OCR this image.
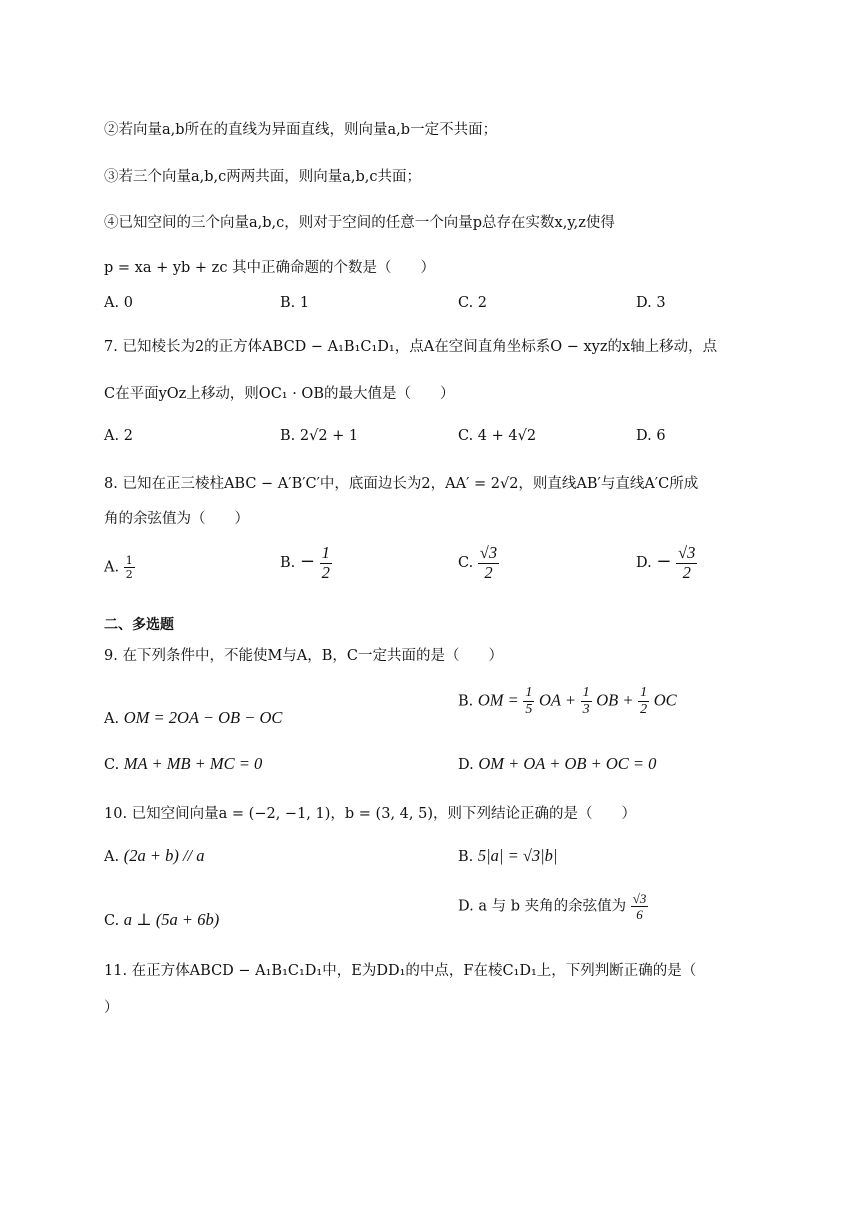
②若向量a,b所在的直线为异面直线，则向量a,b一定不共面；
③若三个向量a,b,c两两共面，则向量a,b,c共面；
④已知空间的三个向量a,b,c，则对于空间的任意一个向量p总存在实数x,y,z使得
p = xa + yb + zc 其中正确命题的个数是（　　）
A. 0	B. 1	C. 2	D. 3
7. 已知棱长为2的正方体ABCD − A₁B₁C₁D₁，点A在空间直角坐标系O − xyz的x轴上移动，点
C在平面yOz上移动，则OC₁ · OB的最大值是（　　）
A. 2	B. 2√2 + 1	C. 4 + 4√2	D. 6
8. 已知在正三棱柱ABC − A′B′C′中，底面边长为2，AA′ = 2√2，则直线AB′与直线A′C所成
角的余弦值为（　　）
A. $\frac{1}{2}$	B. − $\frac{1}{2}$	C. $\frac{√3}{2}$	D. − $\frac{√3}{2}$
二、多选题
9. 在下列条件中，不能使M与A，B，C一定共面的是（　　）
A. OM = 2OA − OB − OC
B. OM = $\frac{1}{5}$ OA + $\frac{1}{3}$ OB + $\frac{1}{2}$ OC
C. MA + MB + MC = 0	D. OM + OA + OB + OC = 0
10. 已知空间向量a = (−2, −1, 1)，b = (3, 4, 5)，则下列结论正确的是（　　）
A. (2a + b) // a	B. 5|a| = √3|b|
C. a ⊥ (5a + 6b)
D. a 与 b 夹角的余弦值为 $\frac{√3}{6}$
11. 在正方体ABCD − A₁B₁C₁D₁中，E为DD₁的中点，F在棱C₁D₁上，下列判断正确的是（
）
